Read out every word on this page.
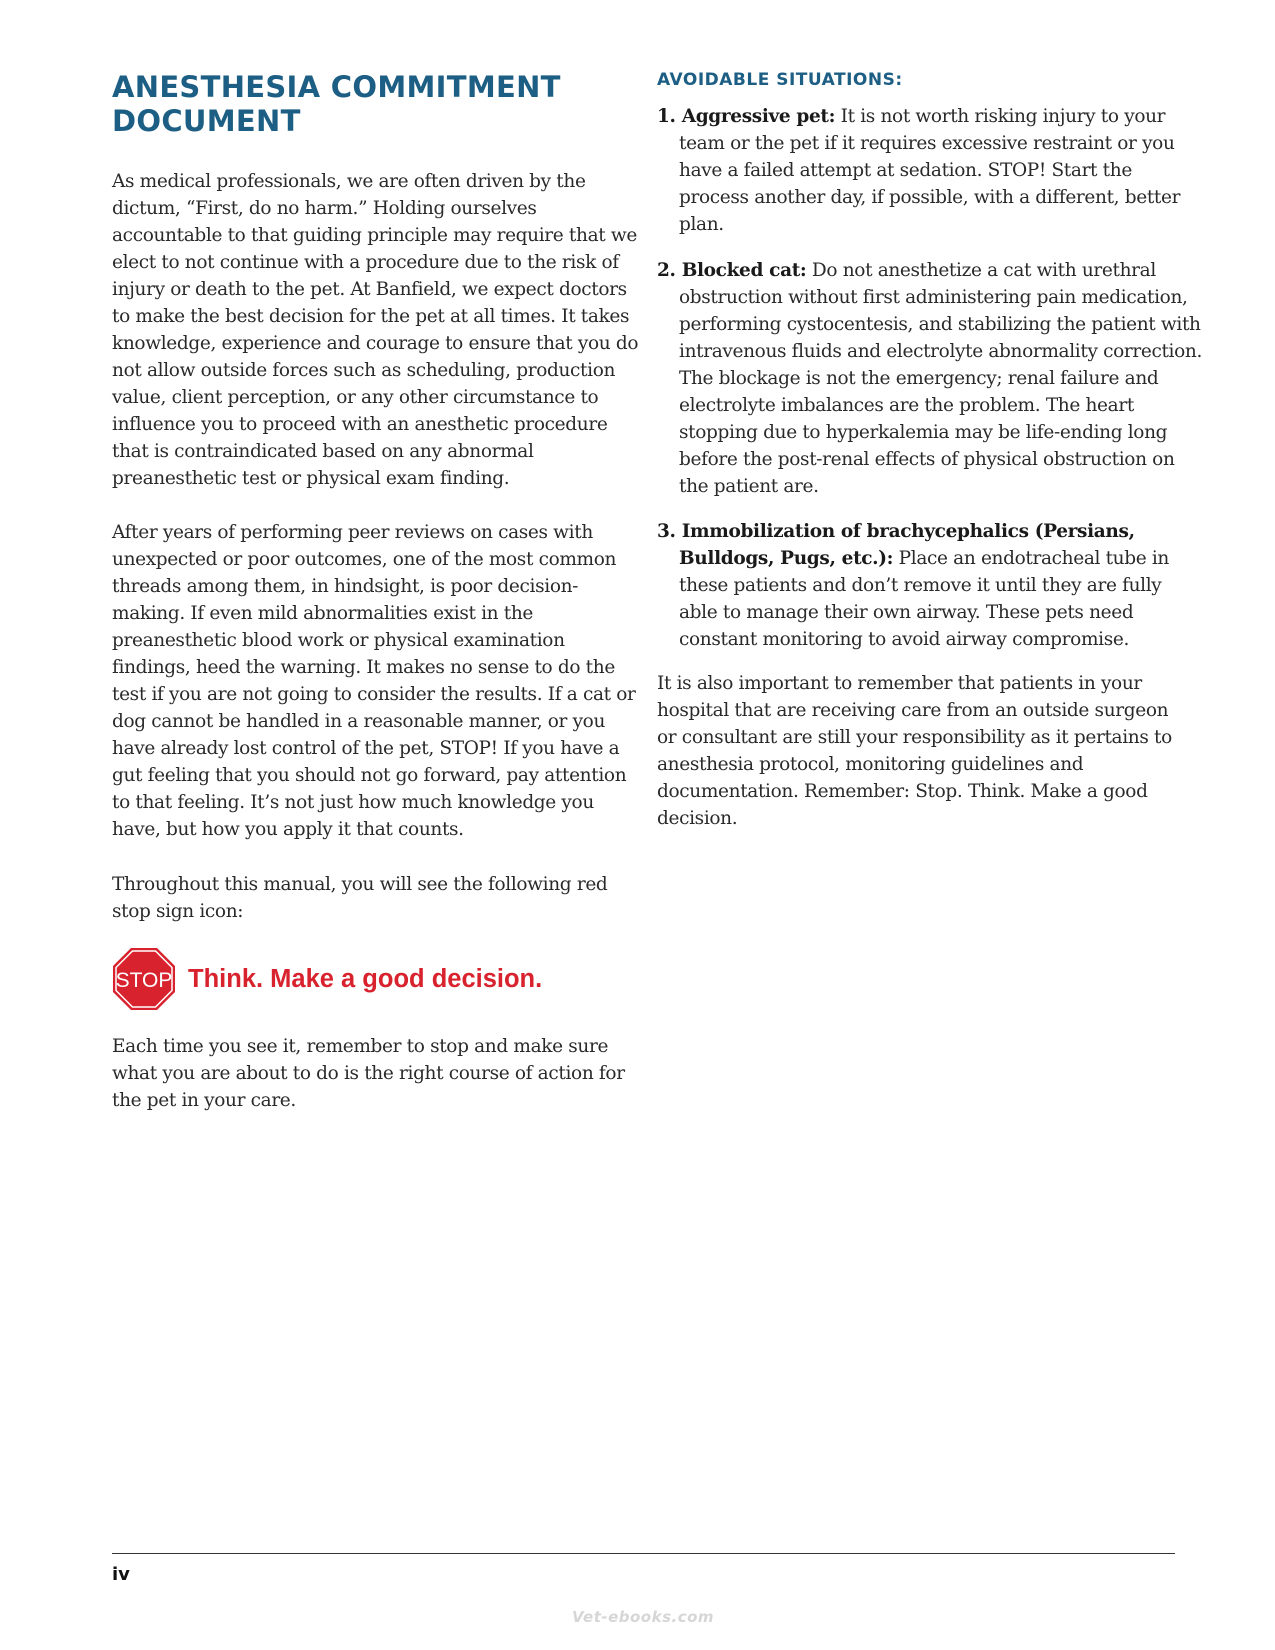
ANESTHESIA COMMITMENT DOCUMENT

As medical professionals, we are often driven by the dictum, “First, do no harm.” Holding ourselves accountable to that guiding principle may require that we elect to not continue with a procedure due to the risk of injury or death to the pet. At Banfield, we expect doctors to make the best decision for the pet at all times. It takes knowledge, experience and courage to ensure that you do not allow outside forces such as scheduling, production value, client perception, or any other circumstance to influence you to proceed with an anesthetic procedure that is contraindicated based on any abnormal preanesthetic test or physical exam finding.

After years of performing peer reviews on cases with unexpected or poor outcomes, one of the most common threads among them, in hindsight, is poor decision-making. If even mild abnormalities exist in the preanesthetic blood work or physical examination findings, heed the warning. It makes no sense to do the test if you are not going to consider the results. If a cat or dog cannot be handled in a reasonable manner, or you have already lost control of the pet, STOP! If you have a gut feeling that you should not go forward, pay attention to that feeling. It’s not just how much knowledge you have, but how you apply it that counts.

Throughout this manual, you will see the following red stop sign icon:

STOP Think. Make a good decision.

Each time you see it, remember to stop and make sure what you are about to do is the right course of action for the pet in your care.

AVOIDABLE SITUATIONS:

1. Aggressive pet: It is not worth risking injury to your team or the pet if it requires excessive restraint or you have a failed attempt at sedation. STOP! Start the process another day, if possible, with a different, better plan.

2. Blocked cat: Do not anesthetize a cat with urethral obstruction without first administering pain medication, performing cystocentesis, and stabilizing the patient with intravenous fluids and electrolyte abnormality correction. The blockage is not the emergency; renal failure and electrolyte imbalances are the problem. The heart stopping due to hyperkalemia may be life-ending long before the post-renal effects of physical obstruction on the patient are.

3. Immobilization of brachycephalics (Persians, Bulldogs, Pugs, etc.): Place an endotracheal tube in these patients and don’t remove it until they are fully able to manage their own airway. These pets need constant monitoring to avoid airway compromise.

It is also important to remember that patients in your hospital that are receiving care from an outside surgeon or consultant are still your responsibility as it pertains to anesthesia protocol, monitoring guidelines and documentation. Remember: Stop. Think. Make a good decision.

iv
Vet-ebooks.com
